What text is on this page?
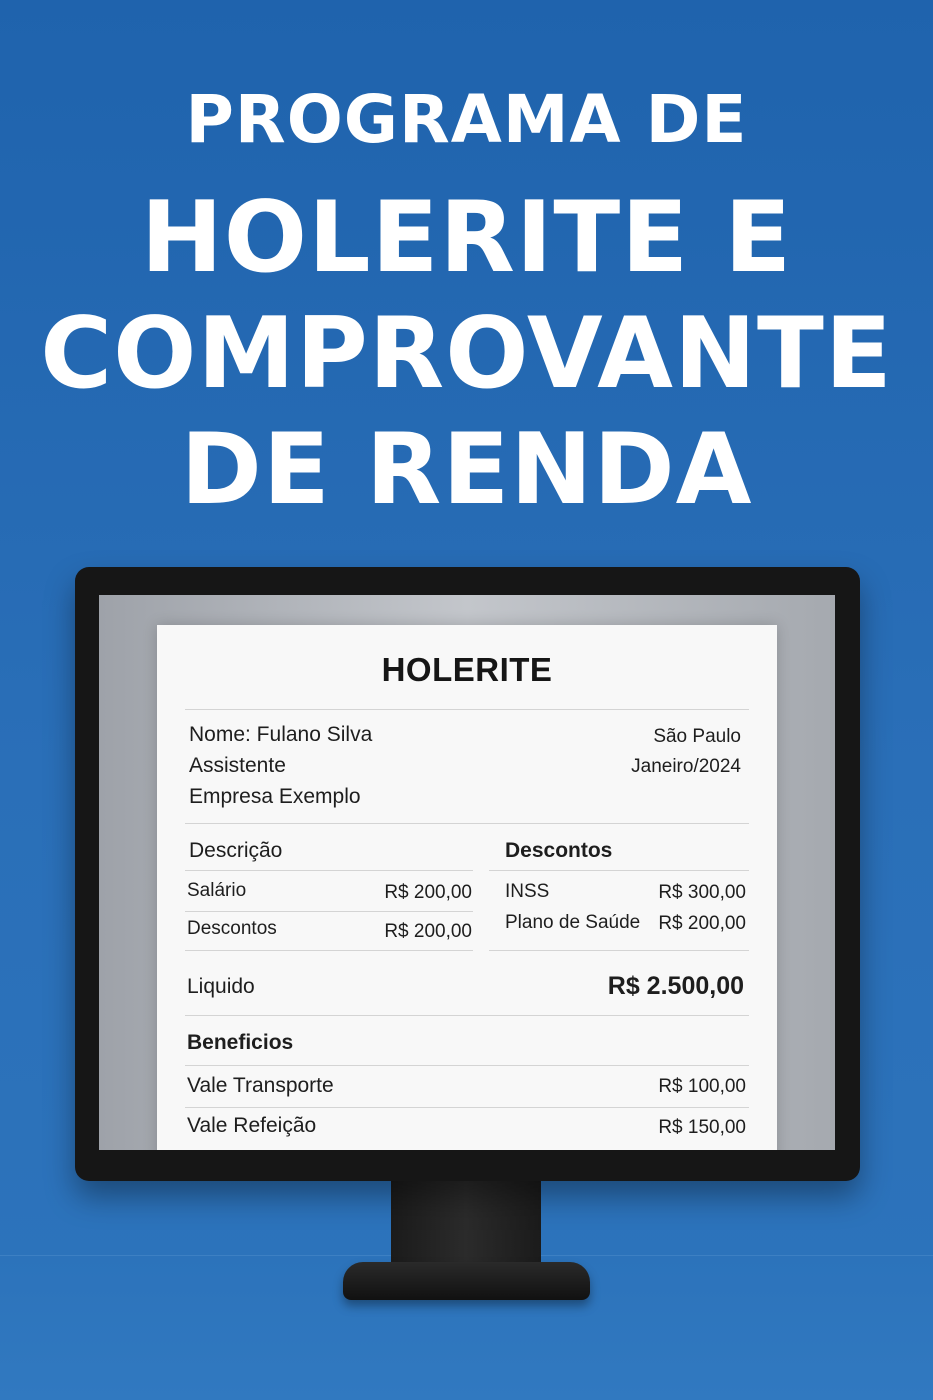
PROGRAMA DE
HOLERITE E
COMPROVANTE
DE RENDA
HOLERITE
Nome: Fulano Silva
Assistente
Empresa Exemplo
São Paulo
Janeiro/2024
Descrição
Salário	R$ 200,00
Descontos	R$ 200,00
Descontos
INSS	R$ 300,00
Plano de Saúde R$ 200,00
Liquido	R$ 2.500,00
Beneficios
Vale Transporte	R$ 100,00
Vale Refeição	R$ 150,00
